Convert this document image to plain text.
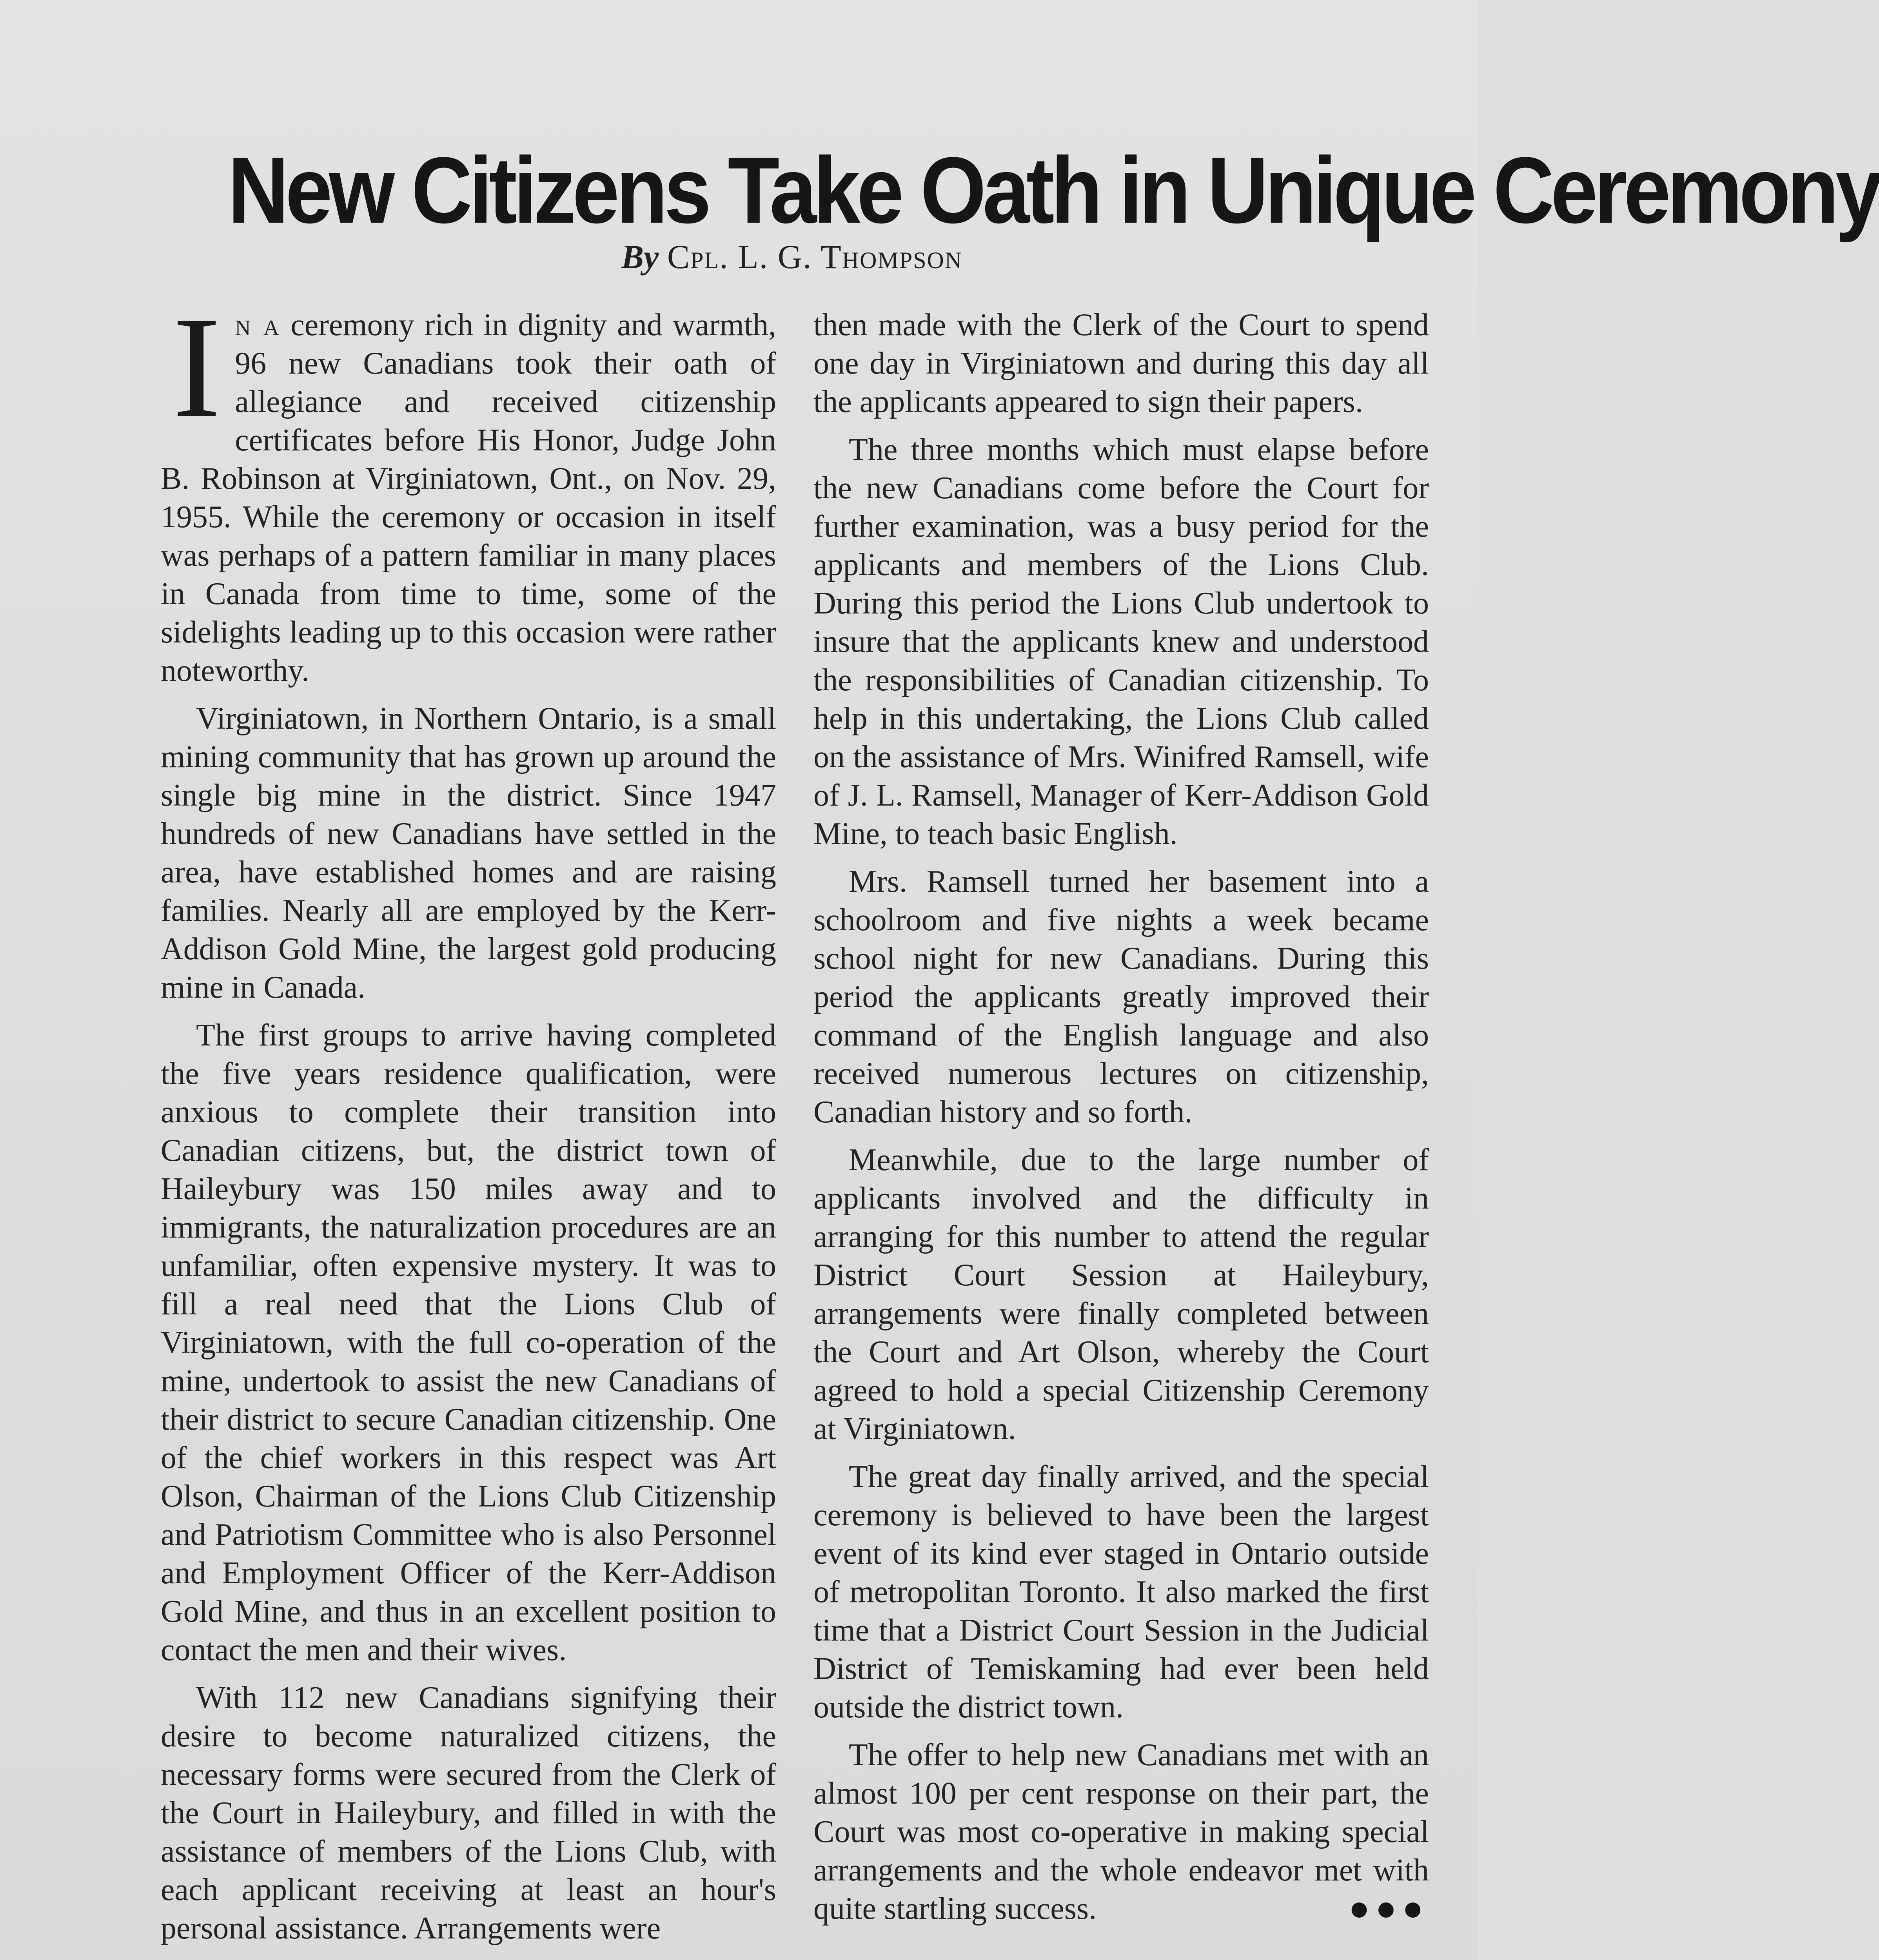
New Citizens Take Oath in Unique Ceremony
By Cpl. L. G. Thompson

In a ceremony rich in dignity and warmth, 96 new Canadians took their oath of allegiance and received citizenship certificates before His Honor, Judge John B. Robinson at Virginiatown, Ont., on Nov. 29, 1955. While the ceremony or occasion in itself was perhaps of a pattern familiar in many places in Canada from time to time, some of the sidelights leading up to this occasion were rather noteworthy.

Virginiatown, in Northern Ontario, is a small mining community that has grown up around the single big mine in the district. Since 1947 hundreds of new Canadians have settled in the area, have established homes and are raising families. Nearly all are employed by the Kerr-Addison Gold Mine, the largest gold producing mine in Canada.

The first groups to arrive having completed the five years residence qualification, were anxious to complete their transition into Canadian citizens, but, the district town of Haileybury was 150 miles away and to immigrants, the naturalization procedures are an unfamiliar, often expensive mystery. It was to fill a real need that the Lions Club of Virginiatown, with the full co-operation of the mine, undertook to assist the new Canadians of their district to secure Canadian citizenship. One of the chief workers in this respect was Art Olson, Chairman of the Lions Club Citizenship and Patriotism Committee who is also Personnel and Employment Officer of the Kerr-Addison Gold Mine, and thus in an excellent position to contact the men and their wives.

With 112 new Canadians signifying their desire to become naturalized citizens, the necessary forms were secured from the Clerk of the Court in Haileybury, and filled in with the assistance of members of the Lions Club, with each applicant receiving at least an hour's personal assistance. Arrangements were

then made with the Clerk of the Court to spend one day in Virginiatown and during this day all the applicants appeared to sign their papers.

The three months which must elapse before the new Canadians come before the Court for further examination, was a busy period for the applicants and members of the Lions Club. During this period the Lions Club undertook to insure that the applicants knew and understood the responsibilities of Canadian citizenship. To help in this undertaking, the Lions Club called on the assistance of Mrs. Winifred Ramsell, wife of J. L. Ramsell, Manager of Kerr-Addison Gold Mine, to teach basic English.

Mrs. Ramsell turned her basement into a schoolroom and five nights a week became school night for new Canadians. During this period the applicants greatly improved their command of the English language and also received numerous lectures on citizenship, Canadian history and so forth.

Meanwhile, due to the large number of applicants involved and the difficulty in arranging for this number to attend the regular District Court Session at Haileybury, arrangements were finally completed between the Court and Art Olson, whereby the Court agreed to hold a special Citizenship Ceremony at Virginiatown.

The great day finally arrived, and the special ceremony is believed to have been the largest event of its kind ever staged in Ontario outside of metropolitan Toronto. It also marked the first time that a District Court Session in the Judicial District of Temiskaming had ever been held outside the district town.

The offer to help new Canadians met with an almost 100 per cent response on their part, the Court was most co-operative in making special arrangements and the whole endeavor met with quite startling success.	●●●
